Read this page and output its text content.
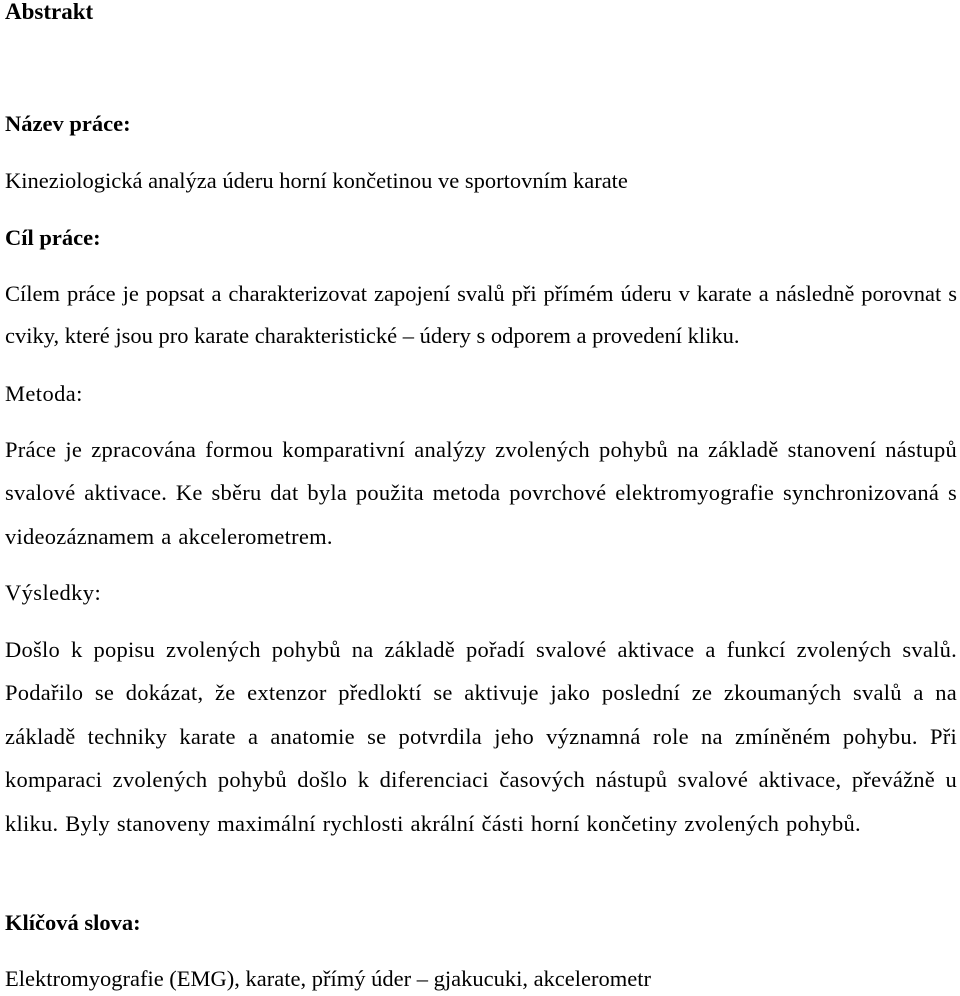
Abstrakt
Název práce:

Kineziologická analýza úderu horní končetinou ve sportovním karate

Cíl práce:

Cílem práce je popsat a charakterizovat zapojení svalů při přímém úderu v karate a následně porovnat s cviky, které jsou pro karate charakteristické – údery s odporem a provedení kliku.

Metoda:

Práce je zpracována formou komparativní analýzy zvolených pohybů na základě stanovení nástupů svalové aktivace. Ke sběru dat byla použita metoda povrchové elektromyografie synchronizovaná s videozáznamem a akcelerometrem.

Výsledky:

Došlo k popisu zvolených pohybů na základě pořadí svalové aktivace a funkcí zvolených svalů. Podařilo se dokázat, že extenzor předloktí se aktivuje jako poslední ze zkoumaných svalů a na základě techniky karate a anatomie se potvrdila jeho významná role na zmíněném pohybu. Při komparaci zvolených pohybů došlo k diferenciaci časových nástupů svalové aktivace, převážně u kliku. Byly stanoveny maximální rychlosti akrální části horní končetiny zvolených pohybů.

Klíčová slova:

Elektromyografie (EMG), karate, přímý úder – gjakucuki, akcelerometr
